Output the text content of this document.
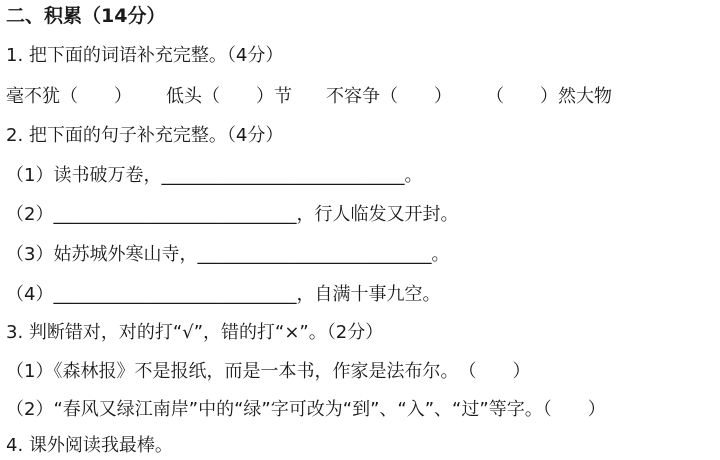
二、积累（14分）
1. 把下面的词语补充完整。（4分）
毫不犹（　　） 低头（　　）节 不容争（　　） （　　）然大物
2. 把下面的句子补充完整。（4分）
（1）读书破万卷，___________________________。
（2）___________________________，行人临发又开封。
（3）姑苏城外寒山寺，__________________________。
（4）___________________________，自满十事九空。
3. 判断错对，对的打“√”，错的打“×”。（2分）
（1）《森林报》不是报纸，而是一本书，作家是法布尔。　（　　）
（2）“春风又绿江南岸”中的“绿”字可改为“到”、“入”、“过”等字。（　　）
4. 课外阅读我最棒。
